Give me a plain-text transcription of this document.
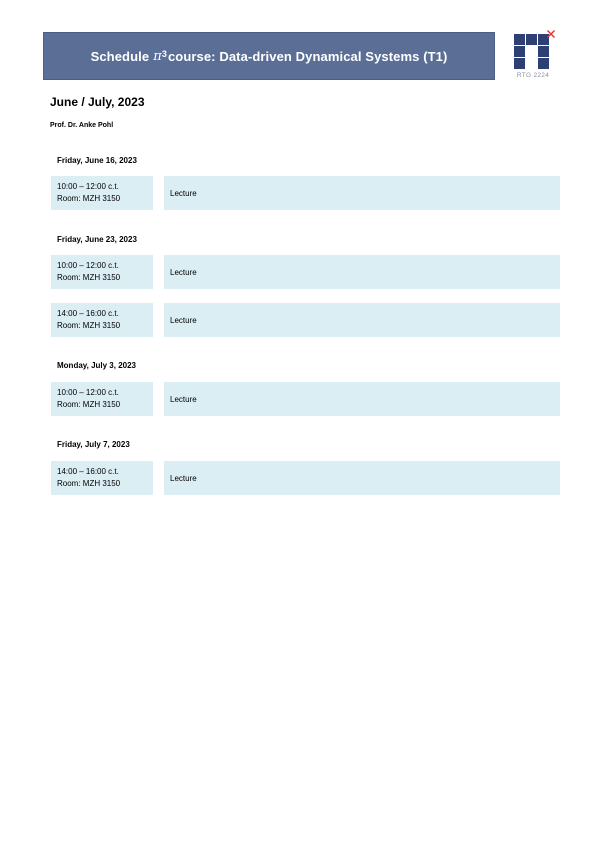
Schedule $\pi^3$ course: Data-driven Dynamical Systems (T1)
RTG 2224
June / July, 2023
Prof. Dr. Anke Pohl
Friday, June 16, 2023
10:00 – 12:00 c.t.
Room: MZH 3150
Lecture
Friday, June 23, 2023
10:00 – 12:00 c.t.
Room: MZH 3150
Lecture
14:00 – 16:00 c.t.
Room: MZH 3150
Lecture
Monday, July 3, 2023
10:00 – 12:00 c.t.
Room: MZH 3150
Lecture
Friday, July 7, 2023
14:00 – 16:00 c.t.
Room: MZH 3150
Lecture
